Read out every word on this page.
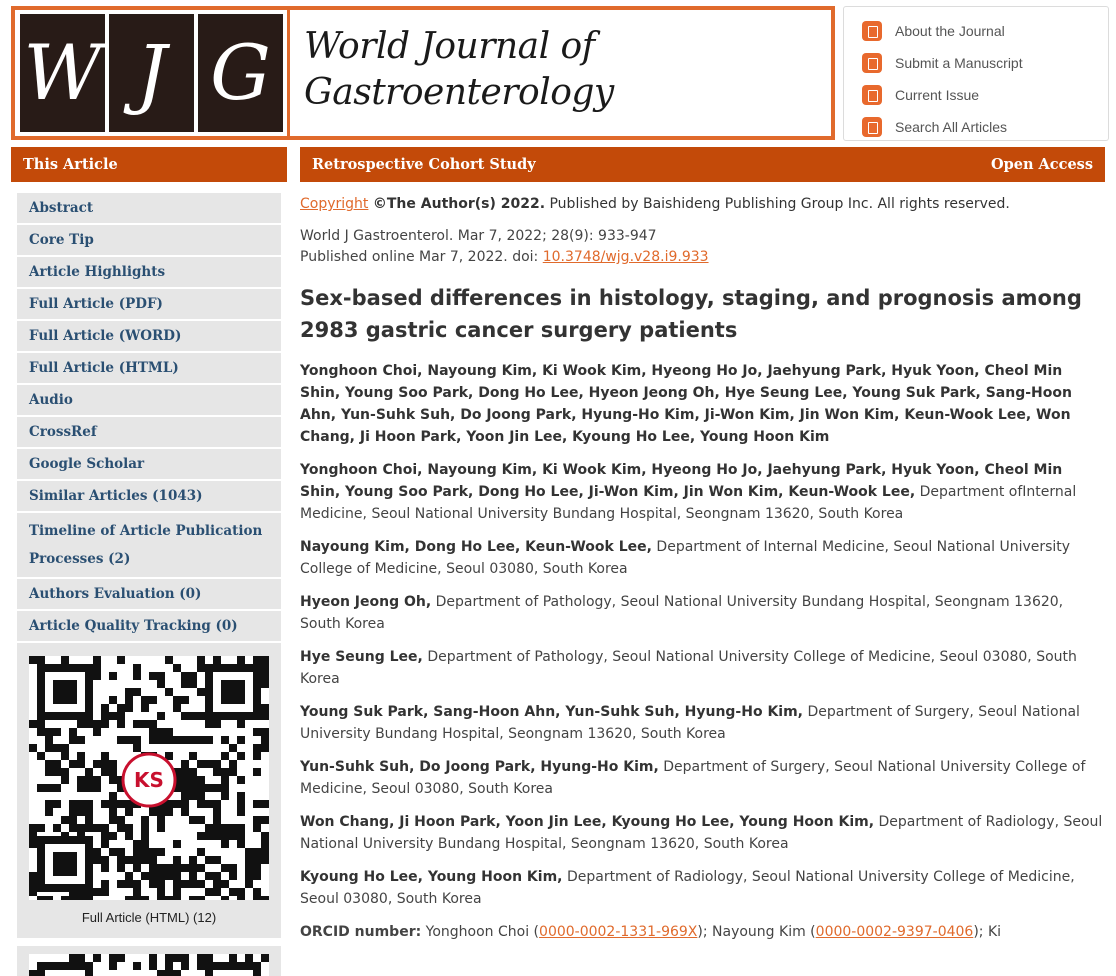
W J G World Journal of
Gastroenterology
About the Journal
Submit a Manuscript
Current Issue
Search All Articles
This Article	Retrospective Cohort Study	Open Access
Abstract
Core Tip
Article Highlights
Full Article (PDF)
Full Article (WORD)
Full Article (HTML)
Audio
CrossRef
Google Scholar
Similar Articles (1043)
Timeline of Article Publication Processes (2)
Authors Evaluation (0)
Article Quality Tracking (0)
KS
Full Article (HTML) (12)
Copyright ©The Author(s) 2022. Published by Baishideng Publishing Group Inc. All rights reserved.
World J Gastroenterol. Mar 7, 2022; 28(9): 933-947
Published online Mar 7, 2022. doi: 10.3748/wjg.v28.i9.933
Sex-based differences in histology, staging, and prognosis among 2983 gastric cancer surgery patients
Yonghoon Choi, Nayoung Kim, Ki Wook Kim, Hyeong Ho Jo, Jaehyung Park, Hyuk Yoon, Cheol Min Shin, Young Soo Park, Dong Ho Lee, Hyeon Jeong Oh, Hye Seung Lee, Young Suk Park, Sang-Hoon Ahn, Yun-Suhk Suh, Do Joong Park, Hyung-Ho Kim, Ji-Won Kim, Jin Won Kim, Keun-Wook Lee, Won Chang, Ji Hoon Park, Yoon Jin Lee, Kyoung Ho Lee, Young Hoon Kim
Yonghoon Choi, Nayoung Kim, Ki Wook Kim, Hyeong Ho Jo, Jaehyung Park, Hyuk Yoon, Cheol Min Shin, Young Soo Park, Dong Ho Lee, Ji-Won Kim, Jin Won Kim, Keun-Wook Lee, Department ofInternal Medicine, Seoul National University Bundang Hospital, Seongnam 13620, South Korea
Nayoung Kim, Dong Ho Lee, Keun-Wook Lee, Department of Internal Medicine, Seoul National University College of Medicine, Seoul 03080, South Korea
Hyeon Jeong Oh, Department of Pathology, Seoul National University Bundang Hospital, Seongnam 13620, South Korea
Hye Seung Lee, Department of Pathology, Seoul National University College of Medicine, Seoul 03080, South Korea
Young Suk Park, Sang-Hoon Ahn, Yun-Suhk Suh, Hyung-Ho Kim, Department of Surgery, Seoul National University Bundang Hospital, Seongnam 13620, South Korea
Yun-Suhk Suh, Do Joong Park, Hyung-Ho Kim, Department of Surgery, Seoul National University College of Medicine, Seoul 03080, South Korea
Won Chang, Ji Hoon Park, Yoon Jin Lee, Kyoung Ho Lee, Young Hoon Kim, Department of Radiology, Seoul National University Bundang Hospital, Seongnam 13620, South Korea
Kyoung Ho Lee, Young Hoon Kim, Department of Radiology, Seoul National University College of Medicine, Seoul 03080, South Korea
ORCID number: Yonghoon Choi (0000-0002-1331-969X); Nayoung Kim (0000-0002-9397-0406); Ki
